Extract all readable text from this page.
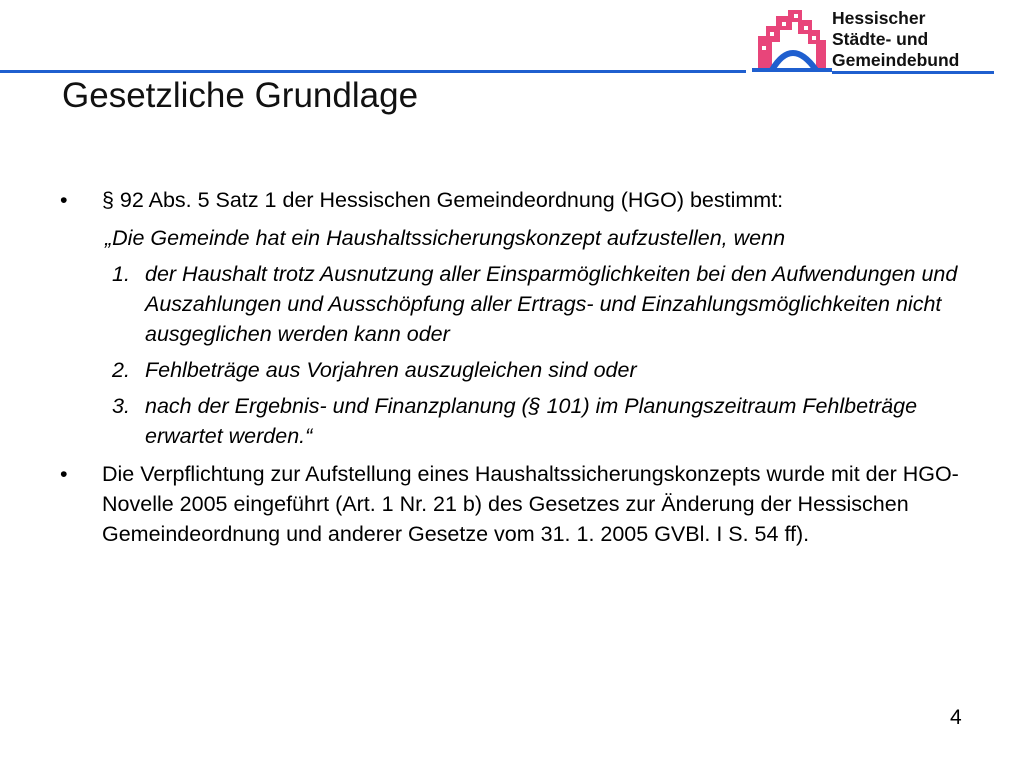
Hessischer
Städte- und
Gemeindebund
Gesetzliche Grundlage
•	§ 92 Abs. 5 Satz 1 der Hessischen Gemeindeordnung (HGO) bestimmt:
„Die Gemeinde hat ein Haushaltssicherungskonzept aufzustellen, wenn
1. der Haushalt trotz Ausnutzung aller Einsparmöglichkeiten bei den Aufwendungen und Auszahlungen und Ausschöpfung aller Ertrags- und Einzahlungsmöglichkeiten nicht ausgeglichen werden kann oder
2. Fehlbeträge aus Vorjahren auszugleichen sind oder
3. nach der Ergebnis- und Finanzplanung (§ 101) im Planungszeitraum Fehlbeträge erwartet werden.“
•	Die Verpflichtung zur Aufstellung eines Haushaltssicherungskonzepts wurde mit der HGO-Novelle 2005 eingeführt (Art. 1 Nr. 21 b) des Gesetzes zur Änderung der Hessischen Gemeindeordnung und anderer Gesetze vom 31. 1. 2005 GVBl. I S. 54 ff).
4
